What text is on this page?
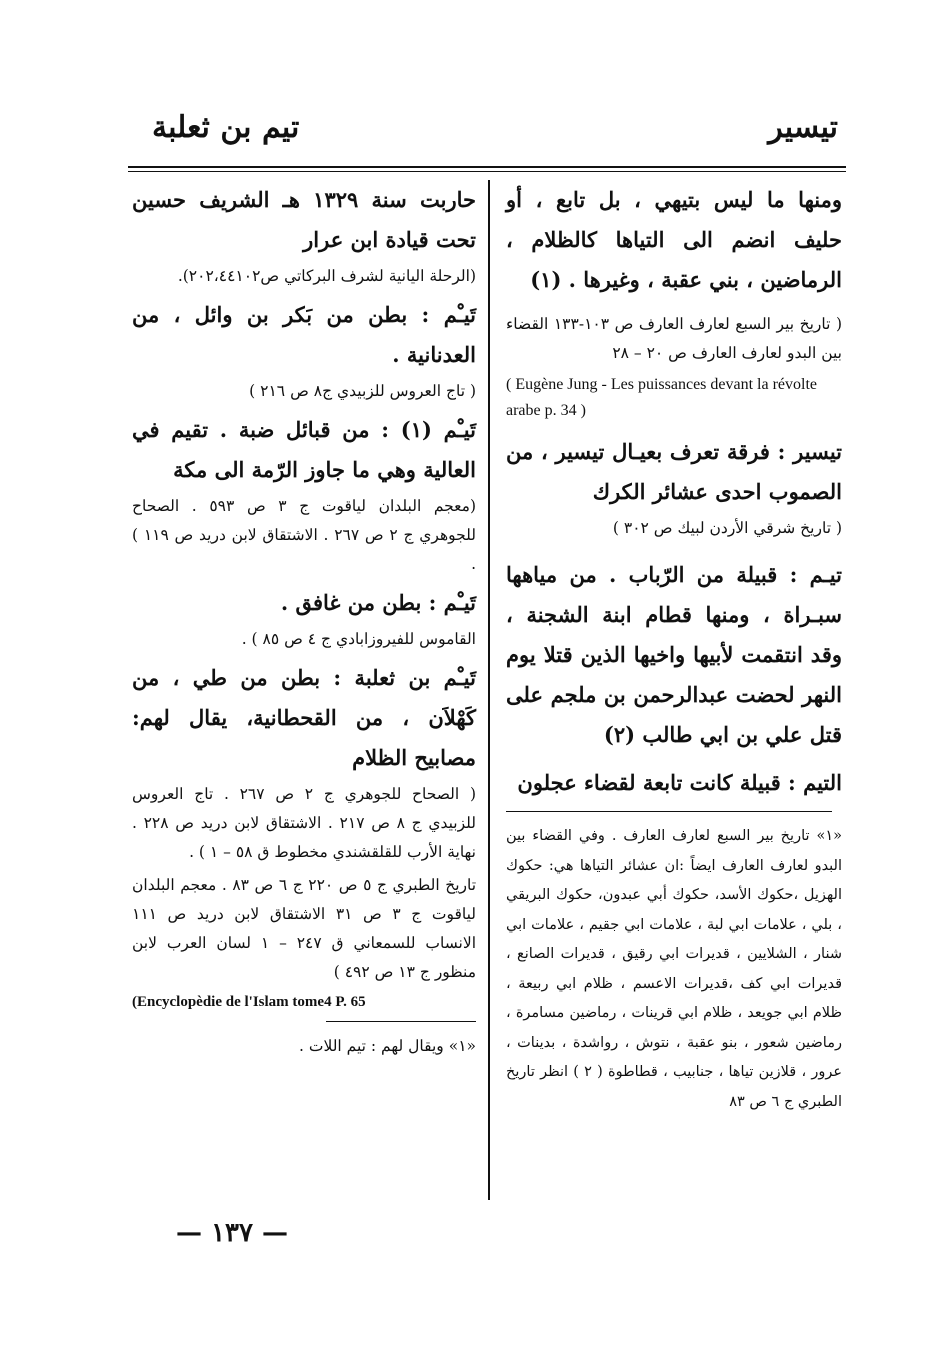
تيسير
تيم بن ثعلبة

ومنها ما ليس بتيهي ، بل تابع ، أو حليف انضم الى التياها كالظلام ، الرماضين ، بني عقبة ، وغيرها . (١)

( تاريخ بير السبع لعارف العارف ص ١٠٣-١٣٣ القضاء بين البدو لعارف العارف ص ٢٠ – ٢٨

( Eugène Jung - Les puissances devant la révolte arabe p. 34 )

تيسير : فرقة تعرف بعيـال تيسير ، من الصموب احدى عشائر الكرك

( تاريخ شرقي الأردن لبيك ص ٣٠٢ )

تيـم : قبيلة من الرّباب . من مياهها سبـراة ، ومنها قطام ابنة الشجنة ، وقد انتقمت لأبيها واخيها الذين قتلا يوم النهر لحضت عبدالرحمن بن ملجم على قتل علي بن ابي طالب (٢)

التيم : قبيلة كانت تابعة لقضاء عجلون

«١» تاريخ بير السبع لعارف العارف . وفي القضاء بين البدو لعارف العارف ايضاً :ان عشائر التياها هي: حكوك الهزيل ،حكوك الأسد، حكوك أبي عبدون، حكوك البريقي ، بلي ، علامات ابي لبة ، علامات ابي جقيم ، علامات ابي شنار ، الشلايين ، قديرات ابي رقيق ، قديرات الصانع ، قديرات ابي كف ،قديرات الاعسم ، ظلام ابي ربيعة ، ظلام ابي جويعد ، ظلام ابي قرينات ، رماضين مسامرة ، رماضين شعور ، بنو عقبة ، نتوش ، رواشدة ، بدينات ، عرور ، قلازين تياها ، جنابيب ، قطاطوة ( ٢ ) انظر تاريخ الطبري ج ٦ ص ٨٣

حاربت سنة ١٣٢٩ هـ الشريف حسين تحت قيادة ابن عرار

(الرحلة اليانية لشرف البركاتي ص٢٠٢،٤٤١٠٢).

تَيـْم : بطن من بَكر بن وائل ، من العدنانية .

( تاج العروس للزبيدي ج٨ ص ٢١٦ )

تَيـْم (١) : من قبائل ضبة . تقيم في العالية وهي ما جاوز الرّمة الى مكة

(معجم البلدان لياقوت ج ٣ ص ٥٩٣ . الصحاح للجوهري ج ٢ ص ٢٦٧ . الاشتقاق لابن دريد ص ١١٩ ) .

تَيـْم : بطن من غافق .

القاموس للفيروزابادي ج ٤ ص ٨٥ ) .

تَيـْم بن ثعلبة : بطن من طي ، من كَهْلاَن ، من القحطانية، يقال لهم: مصابيح الظلام

( الصحاح للجوهري ج ٢ ص ٢٦٧ . تاج العروس للزبيدي ج ٨ ص ٢١٧ . الاشتقاق لابن دريد ص ٢٢٨ . نهاية الأرب للقلقشندي مخطوط ق ٥٨ – ١ ) .

تاريخ الطبري ج ٥ ص ٢٢٠ ج ٦ ص ٨٣ . معجم البلدان لياقوت ج ٣ ص ٣١ الاشتقاق لابن دريد ص ١١١ الانساب للسمعاني ق ٢٤٧ – ١ لسان العرب لابن منظور ج ١٣ ص ٤٩٢ )

(Encyclopèdie de l'Islam tome4 P. 65

«١» ويقال لهم : تيم اللات .

— ١٣٧ —
